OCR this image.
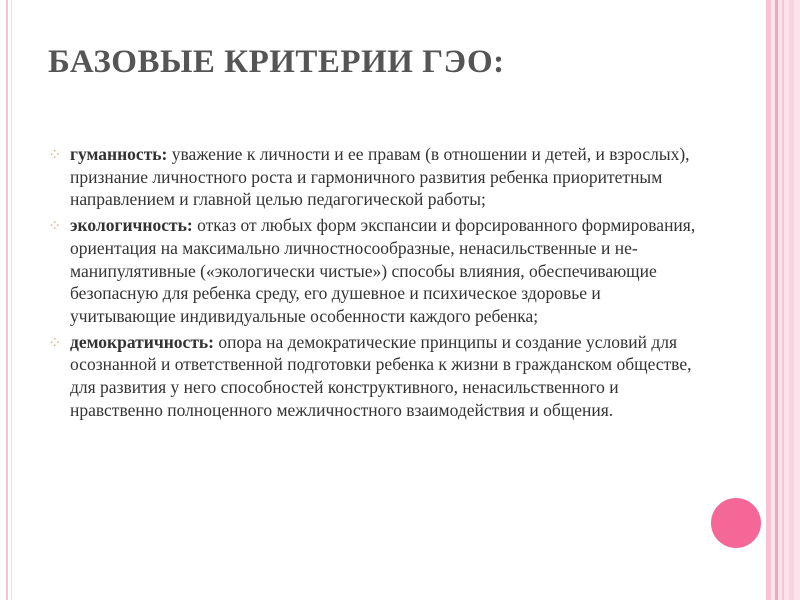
БАЗОВЫЕ КРИТЕРИИ ГЭО:
⁘ гуманность: уважение к личности и ее правам (в отношении и детей, и взрослых), признание личностного роста и гармоничного развития ребенка приоритетным направлением и главной целью педагогической работы;
⁘ экологичность: отказ от любых форм экспансии и форсированного формирования, ориентация на максимально личностносообразные, ненасильственные и не-манипулятивные («экологически чистые») способы влияния, обеспечивающие безопасную для ребенка среду, его душевное и психическое здоровье и учитывающие индивидуальные особенности каждого ребенка;
⁘ демократичность: опора на демократические принципы и создание условий для осознанной и ответственной подготовки ребенка к жизни в гражданском обществе, для развития у него способностей конструктивного, ненасильственного и нравственно полноценного межличностного взаимодействия и общения.
